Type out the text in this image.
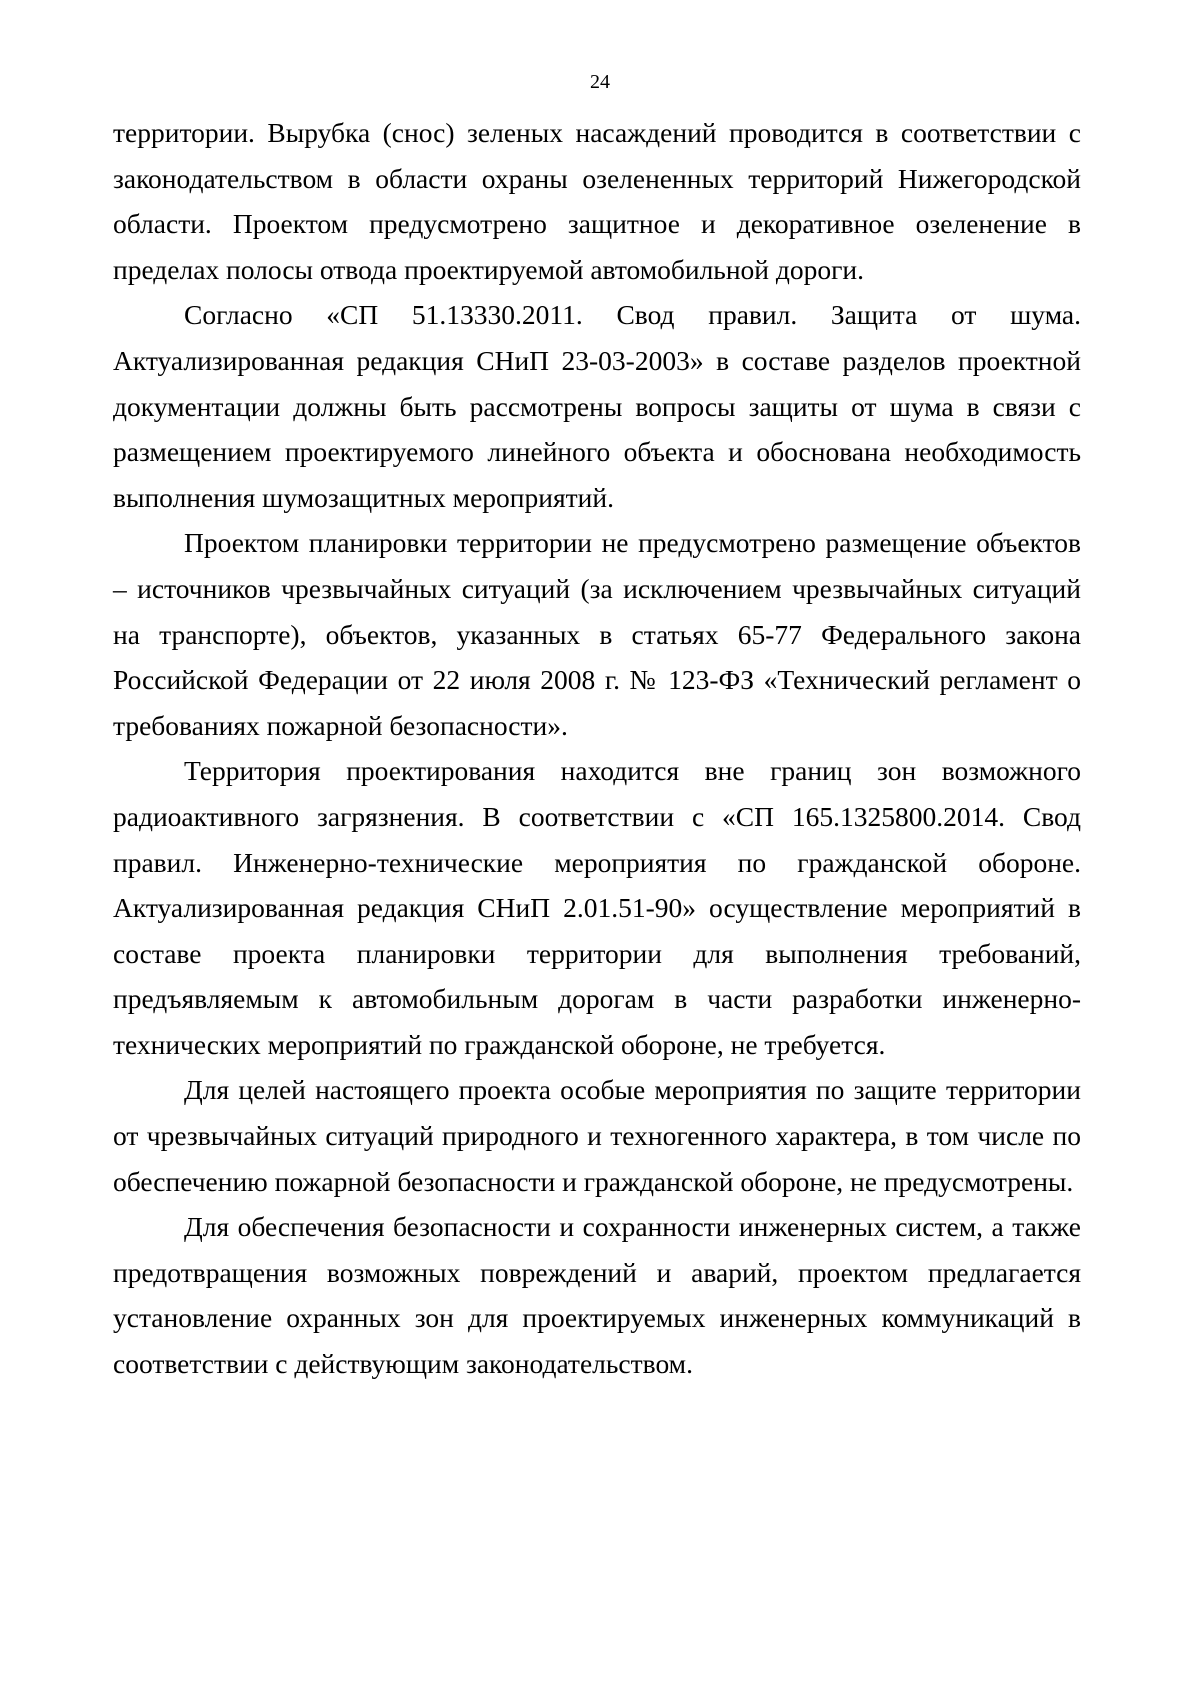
24

территории. Вырубка (снос) зеленых насаждений проводится в соответствии с законодательством в области охраны озелененных территорий Нижегородской области. Проектом предусмотрено защитное и декоративное озеленение в пределах полосы отвода проектируемой автомобильной дороги.

Согласно «СП 51.13330.2011. Свод правил. Защита от шума. Актуализированная редакция СНиП 23-03-2003» в составе разделов проектной документации должны быть рассмотрены вопросы защиты от шума в связи с размещением проектируемого линейного объекта и обоснована необходимость выполнения шумозащитных мероприятий.

Проектом планировки территории не предусмотрено размещение объектов – источников чрезвычайных ситуаций (за исключением чрезвычайных ситуаций на транспорте), объектов, указанных в статьях 65-77 Федерального закона Российской Федерации от 22 июля 2008 г. № 123-ФЗ «Технический регламент о требованиях пожарной безопасности».

Территория проектирования находится вне границ зон возможного радиоактивного загрязнения. В соответствии с «СП 165.1325800.2014. Свод правил. Инженерно-технические мероприятия по гражданской обороне. Актуализированная редакция СНиП 2.01.51-90» осуществление мероприятий в составе проекта планировки территории для выполнения требований, предъявляемым к автомобильным дорогам в части разработки инженерно-технических мероприятий по гражданской обороне, не требуется.

Для целей настоящего проекта особые мероприятия по защите территории от чрезвычайных ситуаций природного и техногенного характера, в том числе по обеспечению пожарной безопасности и гражданской обороне, не предусмотрены.

Для обеспечения безопасности и сохранности инженерных систем, а также предотвращения возможных повреждений и аварий, проектом предлагается установление охранных зон для проектируемых инженерных коммуникаций в соответствии с действующим законодательством.
